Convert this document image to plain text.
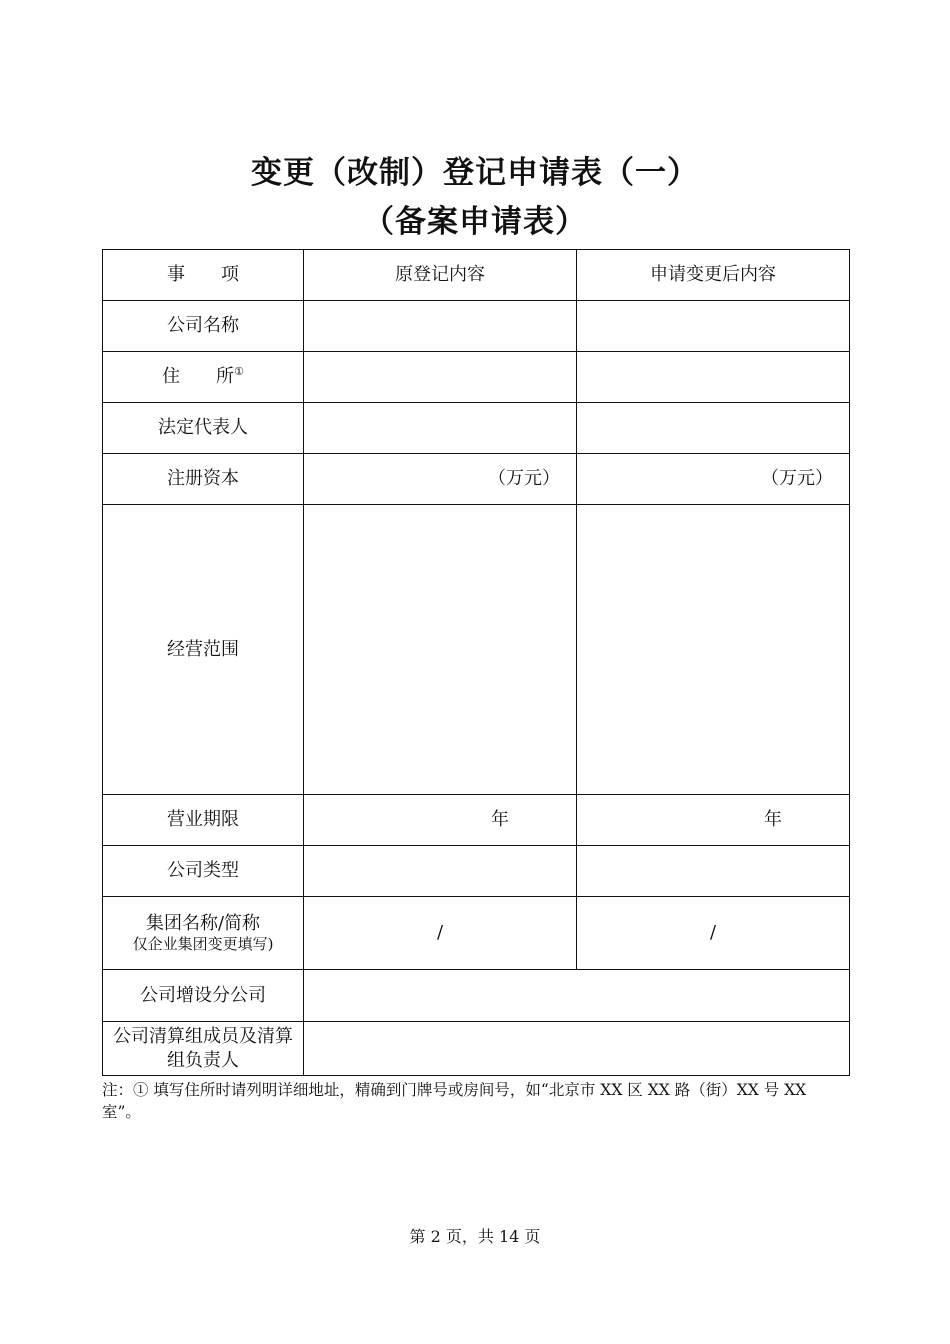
变更（改制）登记申请表（一）
（备案申请表）
事　　项	原登记内容	申请变更后内容
公司名称		
住　　所①		
法定代表人		
注册资本	（万元）	（万元）
经营范围		
营业期限	年	年
公司类型		
集团名称/简称
仅企业集团变更填写)	/	/
公司增设分公司		
公司清算组成员及清算组负责人		
注：① 填写住所时请列明详细地址，精确到门牌号或房间号，如“北京市 XX 区 XX 路（街）XX 号 XX 室”。
第 2 页，共 14 页
